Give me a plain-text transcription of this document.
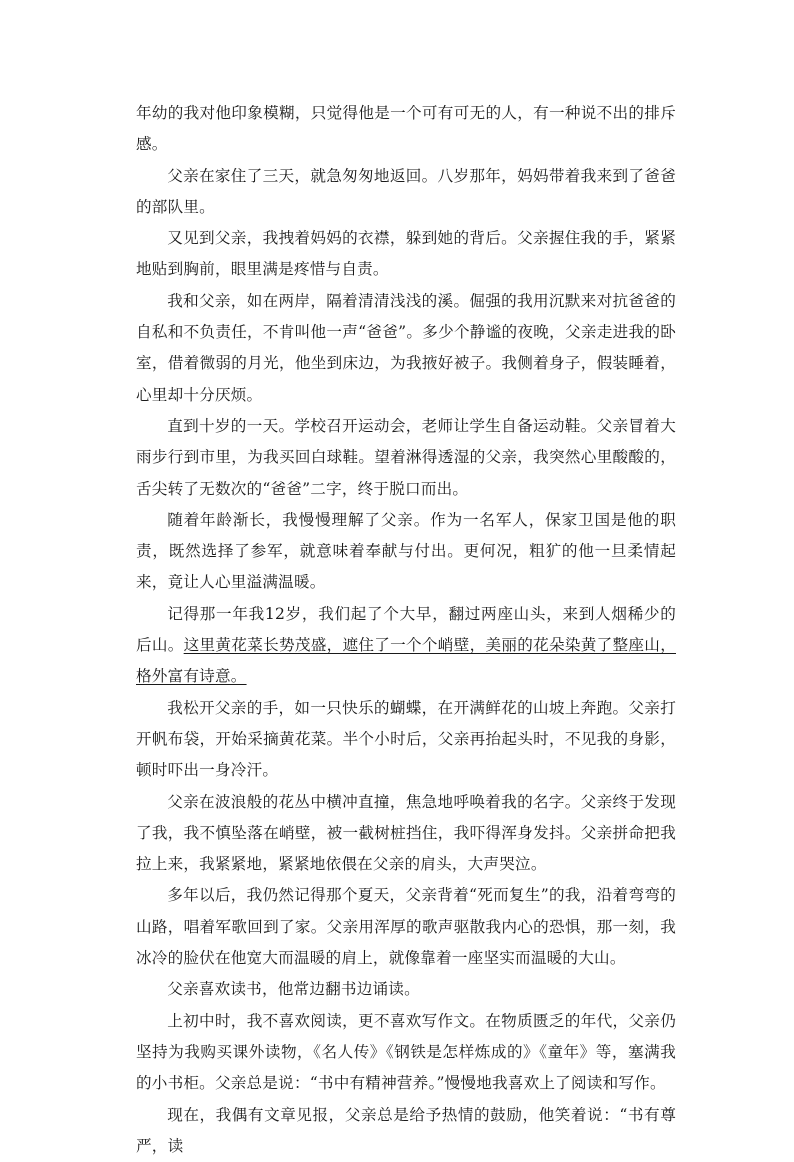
年幼的我对他印象模糊，只觉得他是一个可有可无的人，有一种说不出的排斥感。

父亲在家住了三天，就急匆匆地返回。八岁那年，妈妈带着我来到了爸爸的部队里。

又见到父亲，我拽着妈妈的衣襟，躲到她的背后。父亲握住我的手，紧紧地贴到胸前，眼里满是疼惜与自责。

我和父亲，如在两岸，隔着清清浅浅的溪。倔强的我用沉默来对抗爸爸的自私和不负责任，不肯叫他一声“爸爸”。多少个静谧的夜晚，父亲走进我的卧室，借着微弱的月光，他坐到床边，为我掖好被子。我侧着身子，假装睡着，心里却十分厌烦。

直到十岁的一天。学校召开运动会，老师让学生自备运动鞋。父亲冒着大雨步行到市里，为我买回白球鞋。望着淋得透湿的父亲，我突然心里酸酸的，舌尖转了无数次的“爸爸”二字，终于脱口而出。

随着年龄渐长，我慢慢理解了父亲。作为一名军人，保家卫国是他的职责，既然选择了参军，就意味着奉献与付出。更何况，粗犷的他一旦柔情起来，竟让人心里溢满温暖。

记得那一年我12岁，我们起了个大早，翻过两座山头，来到人烟稀少的后山。这里黄花菜长势茂盛，遮住了一个个峭壁，美丽的花朵染黄了整座山，格外富有诗意。

我松开父亲的手，如一只快乐的蝴蝶，在开满鲜花的山坡上奔跑。父亲打开帆布袋，开始采摘黄花菜。半个小时后，父亲再抬起头时，不见我的身影，顿时吓出一身冷汗。

父亲在波浪般的花丛中横冲直撞，焦急地呼唤着我的名字。父亲终于发现了我，我不慎坠落在峭壁，被一截树桩挡住，我吓得浑身发抖。父亲拼命把我拉上来，我紧紧地，紧紧地依偎在父亲的肩头，大声哭泣。

多年以后，我仍然记得那个夏天，父亲背着“死而复生”的我，沿着弯弯的山路，唱着军歌回到了家。父亲用浑厚的歌声驱散我内心的恐惧，那一刻，我冰冷的脸伏在他宽大而温暖的肩上，就像靠着一座坚实而温暖的大山。

父亲喜欢读书，他常边翻书边诵读。

上初中时，我不喜欢阅读，更不喜欢写作文。在物质匮乏的年代，父亲仍坚持为我购买课外读物，《名人传》《钢铁是怎样炼成的》《童年》等，塞满我的小书柜。父亲总是说：“书中有精神营养。”慢慢地我喜欢上了阅读和写作。

现在，我偶有文章见报，父亲总是给予热情的鼓励，他笑着说：“书有尊严，读
